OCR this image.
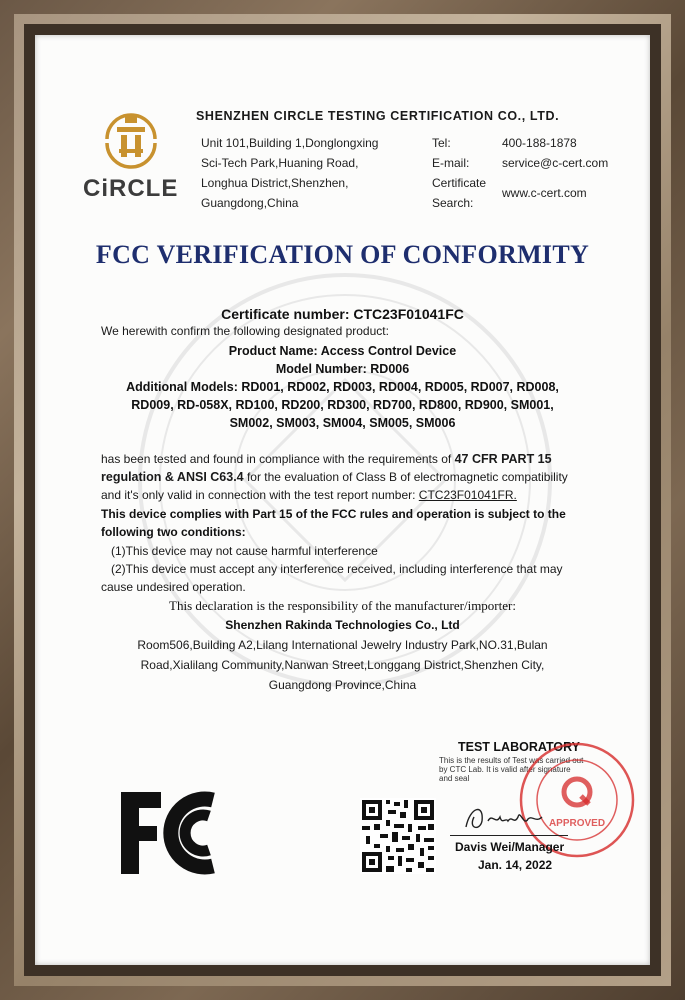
CiRCLE
SHENZHEN CIRCLE TESTING CERTIFICATION CO., LTD.
Unit 101,Building 1,Donglongxing
Sci-Tech Park,Huaning Road,
Longhua District,Shenzhen,
Guangdong,China
Tel:
E-mail:
Certificate
Search:
400-188-1878
service@c-cert.com
www.c-cert.com
FCC VERIFICATION OF CONFORMITY
Certificate number: CTC23F01041FC
We herewith confirm the following designated product:
Product Name: Access Control Device
Model Number: RD006
Additional Models: RD001, RD002, RD003, RD004, RD005, RD007, RD008,
RD009, RD-058X, RD100, RD200, RD300, RD700, RD800, RD900, SM001,
SM002, SM003, SM004, SM005, SM006
has been tested and found in compliance with the requirements of 47 CFR PART 15
regulation & ANSI C63.4 for the evaluation of Class B of electromagnetic compatibility
and it's only valid in connection with the test report number: CTC23F01041FR.
This device complies with Part 15 of the FCC rules and operation is subject to the
following two conditions:
(1)This device may not cause harmful interference
(2)This device must accept any interference received, including interference that may
cause undesired operation.
This declaration is the responsibility of the manufacturer/importer:
Shenzhen Rakinda Technologies Co., Ltd
Room506,Building A2,Lilang International Jewelry Industry Park,NO.31,Bulan
Road,Xialilang Community,Nanwan Street,Longgang District,Shenzhen City,
Guangdong Province,China
TEST LABORATORY
This is the results of Test was carried out
by CTC Lab. It is valid after signature
and seal
APPROVED
Davis Wei/Manager
Jan. 14, 2022
